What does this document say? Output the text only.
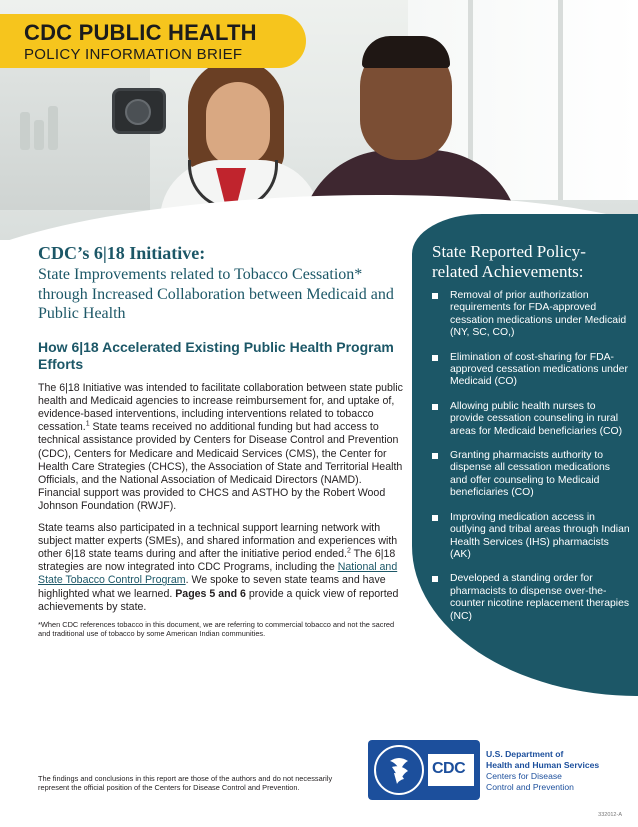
CDC PUBLIC HEALTH
POLICY INFORMATION BRIEF
State Reported Policy-related Achievements:
Removal of prior authorization requirements for FDA-approved cessation medications under Medicaid (NY, SC, CO,)
Elimination of cost-sharing for FDA-approved cessation medications under Medicaid (CO)
Allowing public health nurses to provide cessation counseling in rural areas for Medicaid beneficiaries (CO)
Granting pharmacists authority to dispense all cessation medications and offer counseling to Medicaid beneficiaries (CO)
Improving medication access in outlying and tribal areas through Indian Health Services (IHS) pharmacists (AK)
Developed a standing order for pharmacists to dispense over-the-counter nicotine replacement therapies (NC)
CDC’s 6|18 Initiative:
State Improvements related to Tobacco Cessation* through Increased Collaboration between Medicaid and Public Health
How 6|18 Accelerated Existing Public Health Program Efforts

The 6|18 Initiative was intended to facilitate collaboration between state public health and Medicaid agencies to increase reimbursement for, and uptake of, evidence-based interventions, including interventions related to tobacco cessation.$^1$ State teams received no additional funding but had access to technical assistance provided by Centers for Disease Control and Prevention (CDC), Centers for Medicare and Medicaid Services (CMS), the Center for Health Care Strategies (CHCS), the Association of State and Territorial Health Officials, and the National Association of Medicaid Directors (NAMD). Financial support was provided to CHCS and ASTHO by the Robert Wood Johnson Foundation (RWJF).

State teams also participated in a technical support learning network with subject matter experts (SMEs), and shared information and experiences with other 6|18 state teams during and after the initiative period ended.$^2$ The 6|18 strategies are now integrated into CDC Programs, including the National and State Tobacco Control Program. We spoke to seven state teams and have highlighted what we learned. Pages 5 and 6 provide a quick view of reported achievements by state.

*When CDC references tobacco in this document, we are referring to commercial tobacco and not the sacred and traditional use of tobacco by some American Indian communities.

The findings and conclusions in this report are those of the authors and do not necessarily represent the official position of the Centers for Disease Control and Prevention.
CDC
U.S. Department of
Health and Human Services
Centers for Disease
Control and Prevention
332012-A
